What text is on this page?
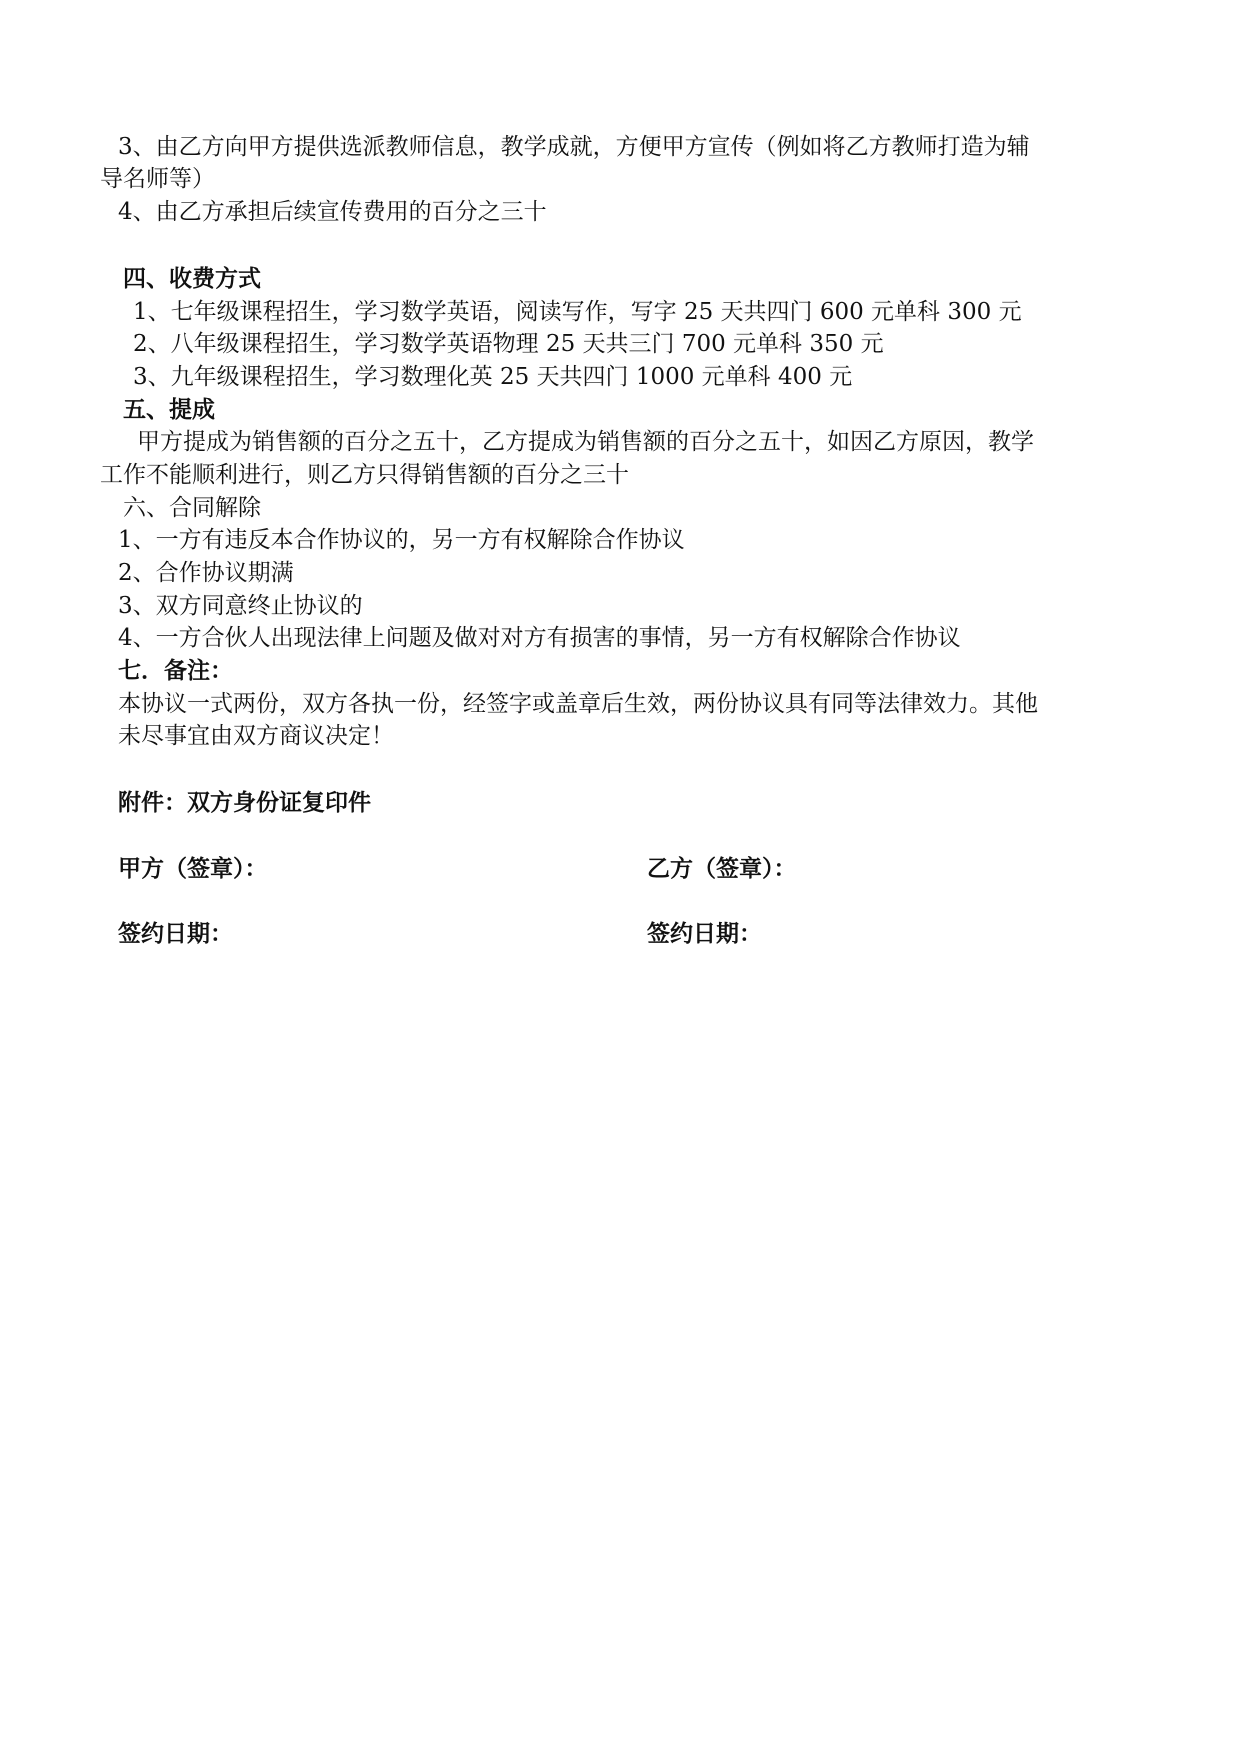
3、由乙方向甲方提供选派教师信息，教学成就，方便甲方宣传（例如将乙方教师打造为辅
导名师等）
4、由乙方承担后续宣传费用的百分之三十
四、收费方式
1、七年级课程招生，学习数学英语，阅读写作，写字 25 天共四门 600 元单科 300 元
2、八年级课程招生，学习数学英语物理 25 天共三门 700 元单科 350 元
3、九年级课程招生，学习数理化英 25 天共四门 1000 元单科 400 元
五、提成
甲方提成为销售额的百分之五十，乙方提成为销售额的百分之五十，如因乙方原因，教学
工作不能顺利进行，则乙方只得销售额的百分之三十
六、合同解除
1、一方有违反本合作协议的，另一方有权解除合作协议
2、合作协议期满
3、双方同意终止协议的
4、一方合伙人出现法律上问题及做对对方有损害的事情，另一方有权解除合作协议
七．备注：
本协议一式两份，双方各执一份，经签字或盖章后生效，两份协议具有同等法律效力。其他
未尽事宜由双方商议决定！
附件：双方身份证复印件
甲方（签章）：	乙方（签章）：
签约日期：	签约日期：
